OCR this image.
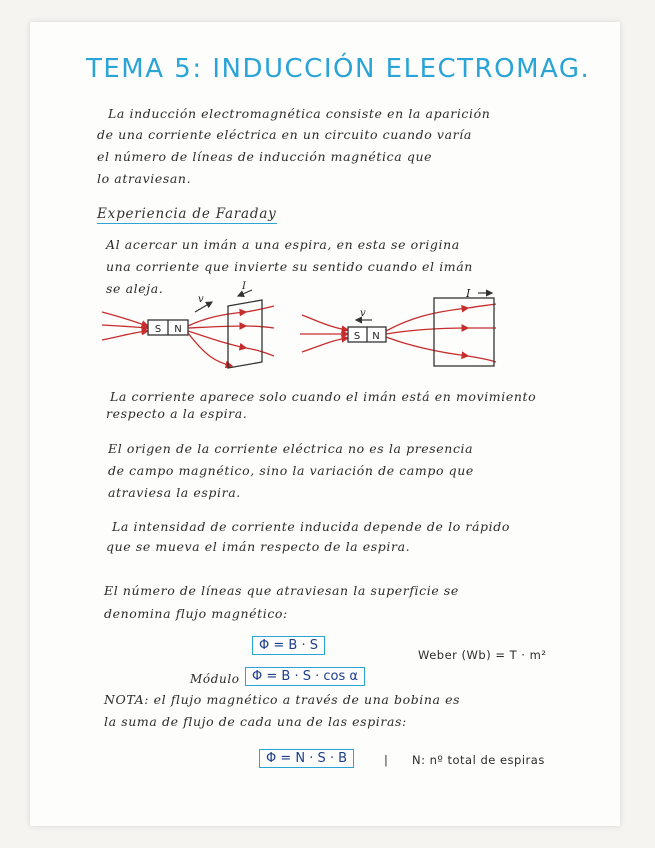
TEMA 5: INDUCCIÓN ELECTROMAG.
La inducción electromagnética consiste en la aparición
de una corriente eléctrica en un circuito cuando varía
el número de líneas de inducción magnética que
lo atraviesan.
Experiencia de Faraday
Al acercar un imán a una espira, en esta se origina
una corriente que invierte su sentido cuando el imán
se aleja.
S N
S N
v
I
v
I
La corriente aparece solo cuando el imán está en movimiento
respecto a la espira.
El origen de la corriente eléctrica no es la presencia
de campo magnético, sino la variación de campo que
atraviesa la espira.
La intensidad de corriente inducida depende de lo rápido
que se mueva el imán respecto de la espira.
El número de líneas que atraviesan la superficie se
denomina flujo magnético:
Φ = B · S
Weber (Wb) = T · m²
Módulo Φ = B · S · cos α
NOTA: el flujo magnético a través de una bobina es
la suma de flujo de cada una de las espiras:
Φ = N · S · B	| N: nº total de espiras
